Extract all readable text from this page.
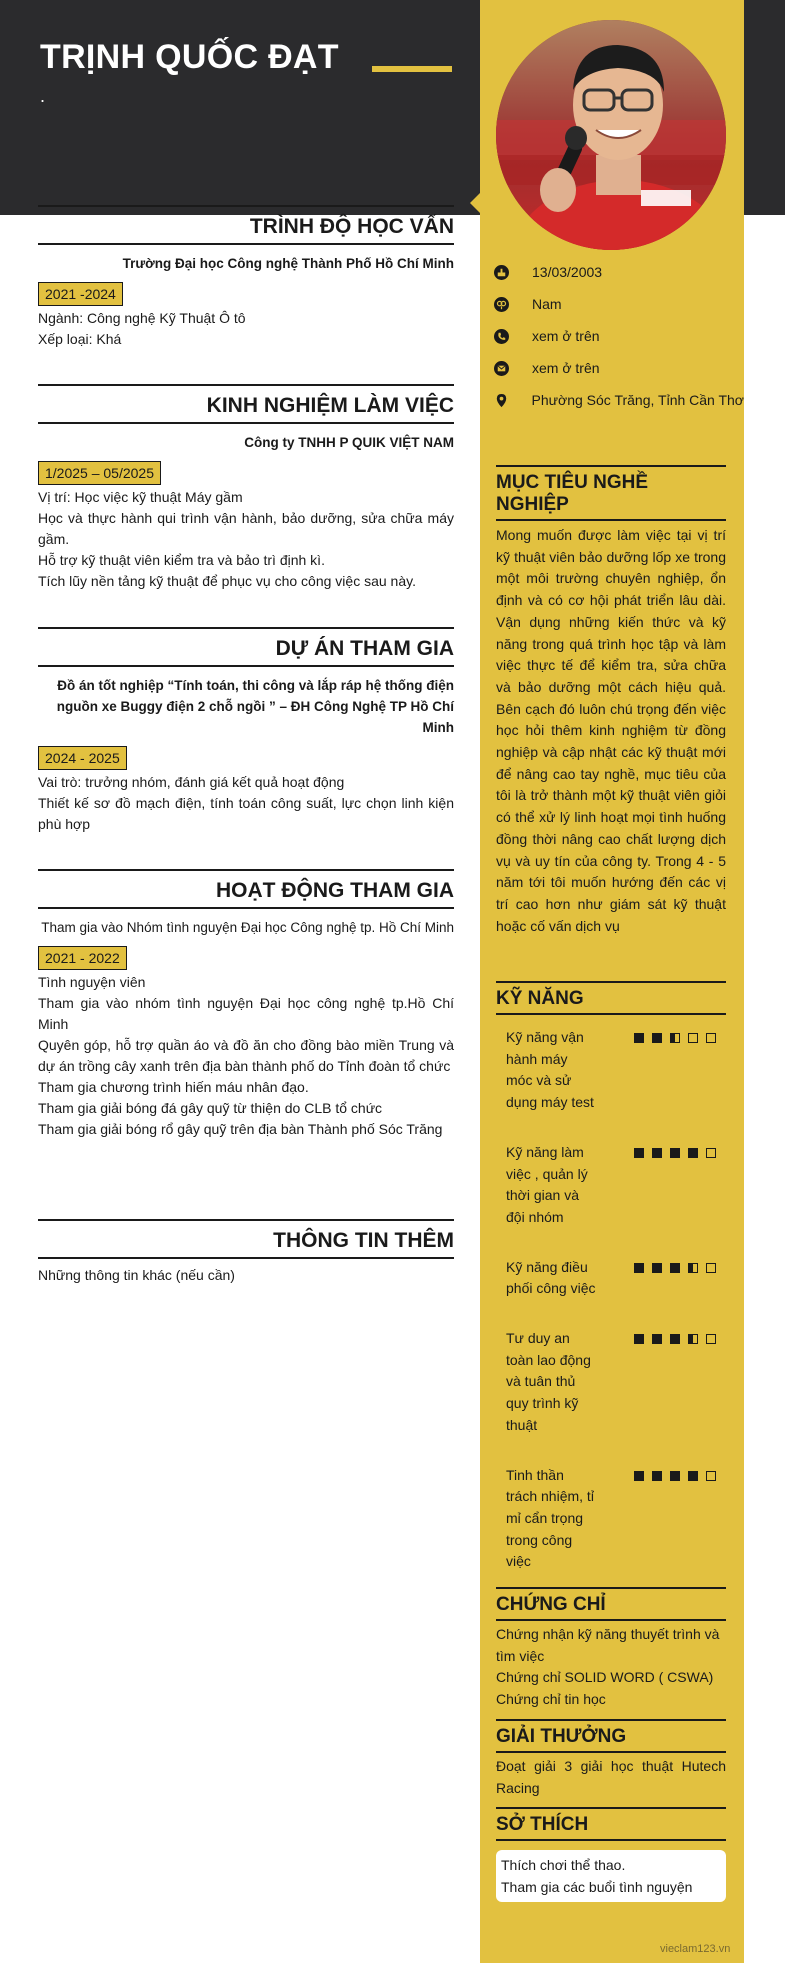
TRỊNH QUỐC ĐẠT
.
13/03/2003
Nam
xem ở trên
xem ở trên
Phường Sóc Trăng, Tỉnh Cần Thơ
TRÌNH ĐỘ HỌC VẤN
Trường Đại học Công nghệ Thành Phố Hồ Chí Minh
2021 -2024
Ngành: Công nghệ Kỹ Thuật Ô tô
Xếp loại: Khá
KINH NGHIỆM LÀM VIỆC
Công ty TNHH P QUIK VIỆT NAM
1/2025 – 05/2025
Vị trí: Học việc kỹ thuật Máy gầm
Học và thực hành qui trình vận hành, bảo dưỡng, sửa chữa máy gầm.
Hỗ trợ kỹ thuật viên kiểm tra và bảo trì định kì.
Tích lũy nền tảng kỹ thuật để phục vụ cho công việc sau này.
DỰ ÁN THAM GIA
Đồ án tốt nghiệp “Tính toán, thi công và lắp ráp hệ thống điện nguồn xe Buggy điện 2 chỗ ngồi ” – ĐH Công Nghệ TP Hồ Chí Minh
2024 - 2025
Vai trò: trưởng nhóm, đánh giá kết quả hoạt động
Thiết kế sơ đồ mạch điện, tính toán công suất, lực chọn linh kiện phù hợp
HOẠT ĐỘNG THAM GIA
Tham gia vào Nhóm tình nguyện Đại học Công nghệ tp. Hồ Chí Minh
2021 - 2022
Tình nguyện viên
Tham gia vào nhóm tình nguyện Đại học công nghệ tp.Hồ Chí Minh
Quyên góp, hỗ trợ quần áo và đồ ăn cho đồng bào miền Trung và dự án trồng cây xanh trên địa bàn thành phố do Tỉnh đoàn tổ chức
Tham gia chương trình hiến máu nhân đạo.
Tham gia giải bóng đá gây quỹ từ thiện do CLB tổ chức
Tham gia giải bóng rổ gây quỹ trên địa bàn Thành phố Sóc Trăng
THÔNG TIN THÊM
Những thông tin khác (nếu cần)
MỤC TIÊU NGHỀ NGHIỆP
Mong muốn được làm việc tại vị trí kỹ thuật viên bảo dưỡng lốp xe trong một môi trường chuyên nghiệp, ổn định và có cơ hội phát triển lâu dài. Vận dụng những kiến thức và kỹ năng trong quá trình học tập và làm việc thực tế để kiểm tra, sửa chữa và bảo dưỡng một cách hiệu quả. Bên cạch đó luôn chú trọng đến việc học hỏi thêm kinh nghiệm từ đồng nghiệp và cập nhật các kỹ thuật mới để nâng cao tay nghề, mục tiêu của tôi là trở thành một kỹ thuật viên giỏi có thể xử lý linh hoạt mọi tình huống đồng thời nâng cao chất lượng dịch vụ và uy tín của công ty. Trong 4 - 5 năm tới tôi muốn hướng đến các vị trí cao hơn như giám sát kỹ thuật hoặc cố vấn dịch vụ
KỸ NĂNG
Kỹ năng vận hành máy móc và sử dụng máy test
Kỹ năng làm việc , quản lý thời gian và đội nhóm
Kỹ năng điều phối công việc
Tư duy an toàn lao động và tuân thủ quy trình kỹ thuật
Tinh thần trách nhiệm, tỉ mỉ cẩn trọng trong công việc
CHỨNG CHỈ
Chứng nhận kỹ năng thuyết trình và tìm việc
Chứng chỉ SOLID WORD ( CSWA)
Chứng chỉ tin học
GIẢI THƯỞNG
Đoạt giải 3 giải học thuật Hutech Racing
SỞ THÍCH
Thích chơi thể thao.
Tham gia các buổi tình nguyện
vieclam123.vn
